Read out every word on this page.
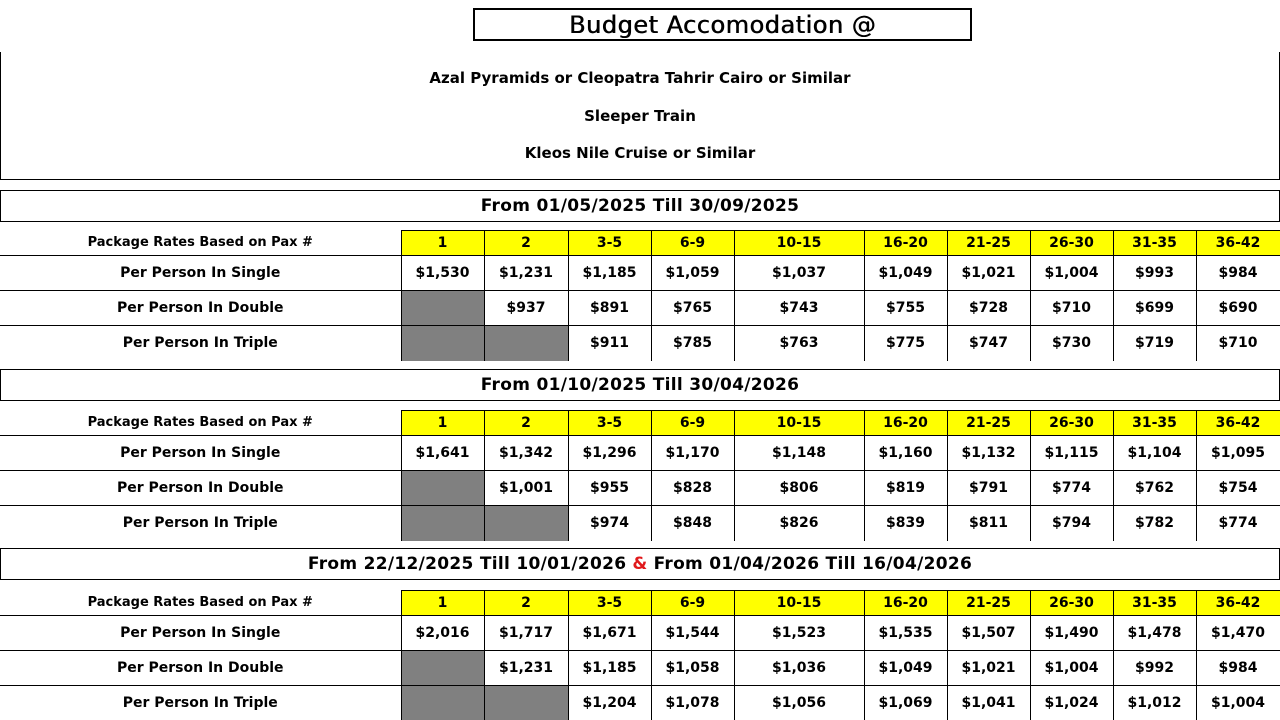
Budget Accomodation @
Azal Pyramids or Cleopatra Tahrir Cairo or Similar
Sleeper Train
Kleos Nile Cruise or Similar
From 01/05/2025 Till 30/09/2025
Package Rates Based on Pax #	1	2	3-5	6-9	10-15	16-20	21-25	26-30	31-35	36-42
Per Person In Single	$1,530	$1,231	$1,185	$1,059	$1,037	$1,049	$1,021	$1,004	$993	$984
Per Person In Double		$937	$891	$765	$743	$755	$728	$710	$699	$690
Per Person In Triple			$911	$785	$763	$775	$747	$730	$719	$710
From 01/10/2025 Till 30/04/2026
Package Rates Based on Pax #	1	2	3-5	6-9	10-15	16-20	21-25	26-30	31-35	36-42
Per Person In Single	$1,641	$1,342	$1,296	$1,170	$1,148	$1,160	$1,132	$1,115	$1,104	$1,095
Per Person In Double		$1,001	$955	$828	$806	$819	$791	$774	$762	$754
Per Person In Triple			$974	$848	$826	$839	$811	$794	$782	$774
From 22/12/2025 Till 10/01/2026 & From 01/04/2026 Till 16/04/2026
Package Rates Based on Pax #	1	2	3-5	6-9	10-15	16-20	21-25	26-30	31-35	36-42
Per Person In Single	$2,016	$1,717	$1,671	$1,544	$1,523	$1,535	$1,507	$1,490	$1,478	$1,470
Per Person In Double		$1,231	$1,185	$1,058	$1,036	$1,049	$1,021	$1,004	$992	$984
Per Person In Triple			$1,204	$1,078	$1,056	$1,069	$1,041	$1,024	$1,012	$1,004
